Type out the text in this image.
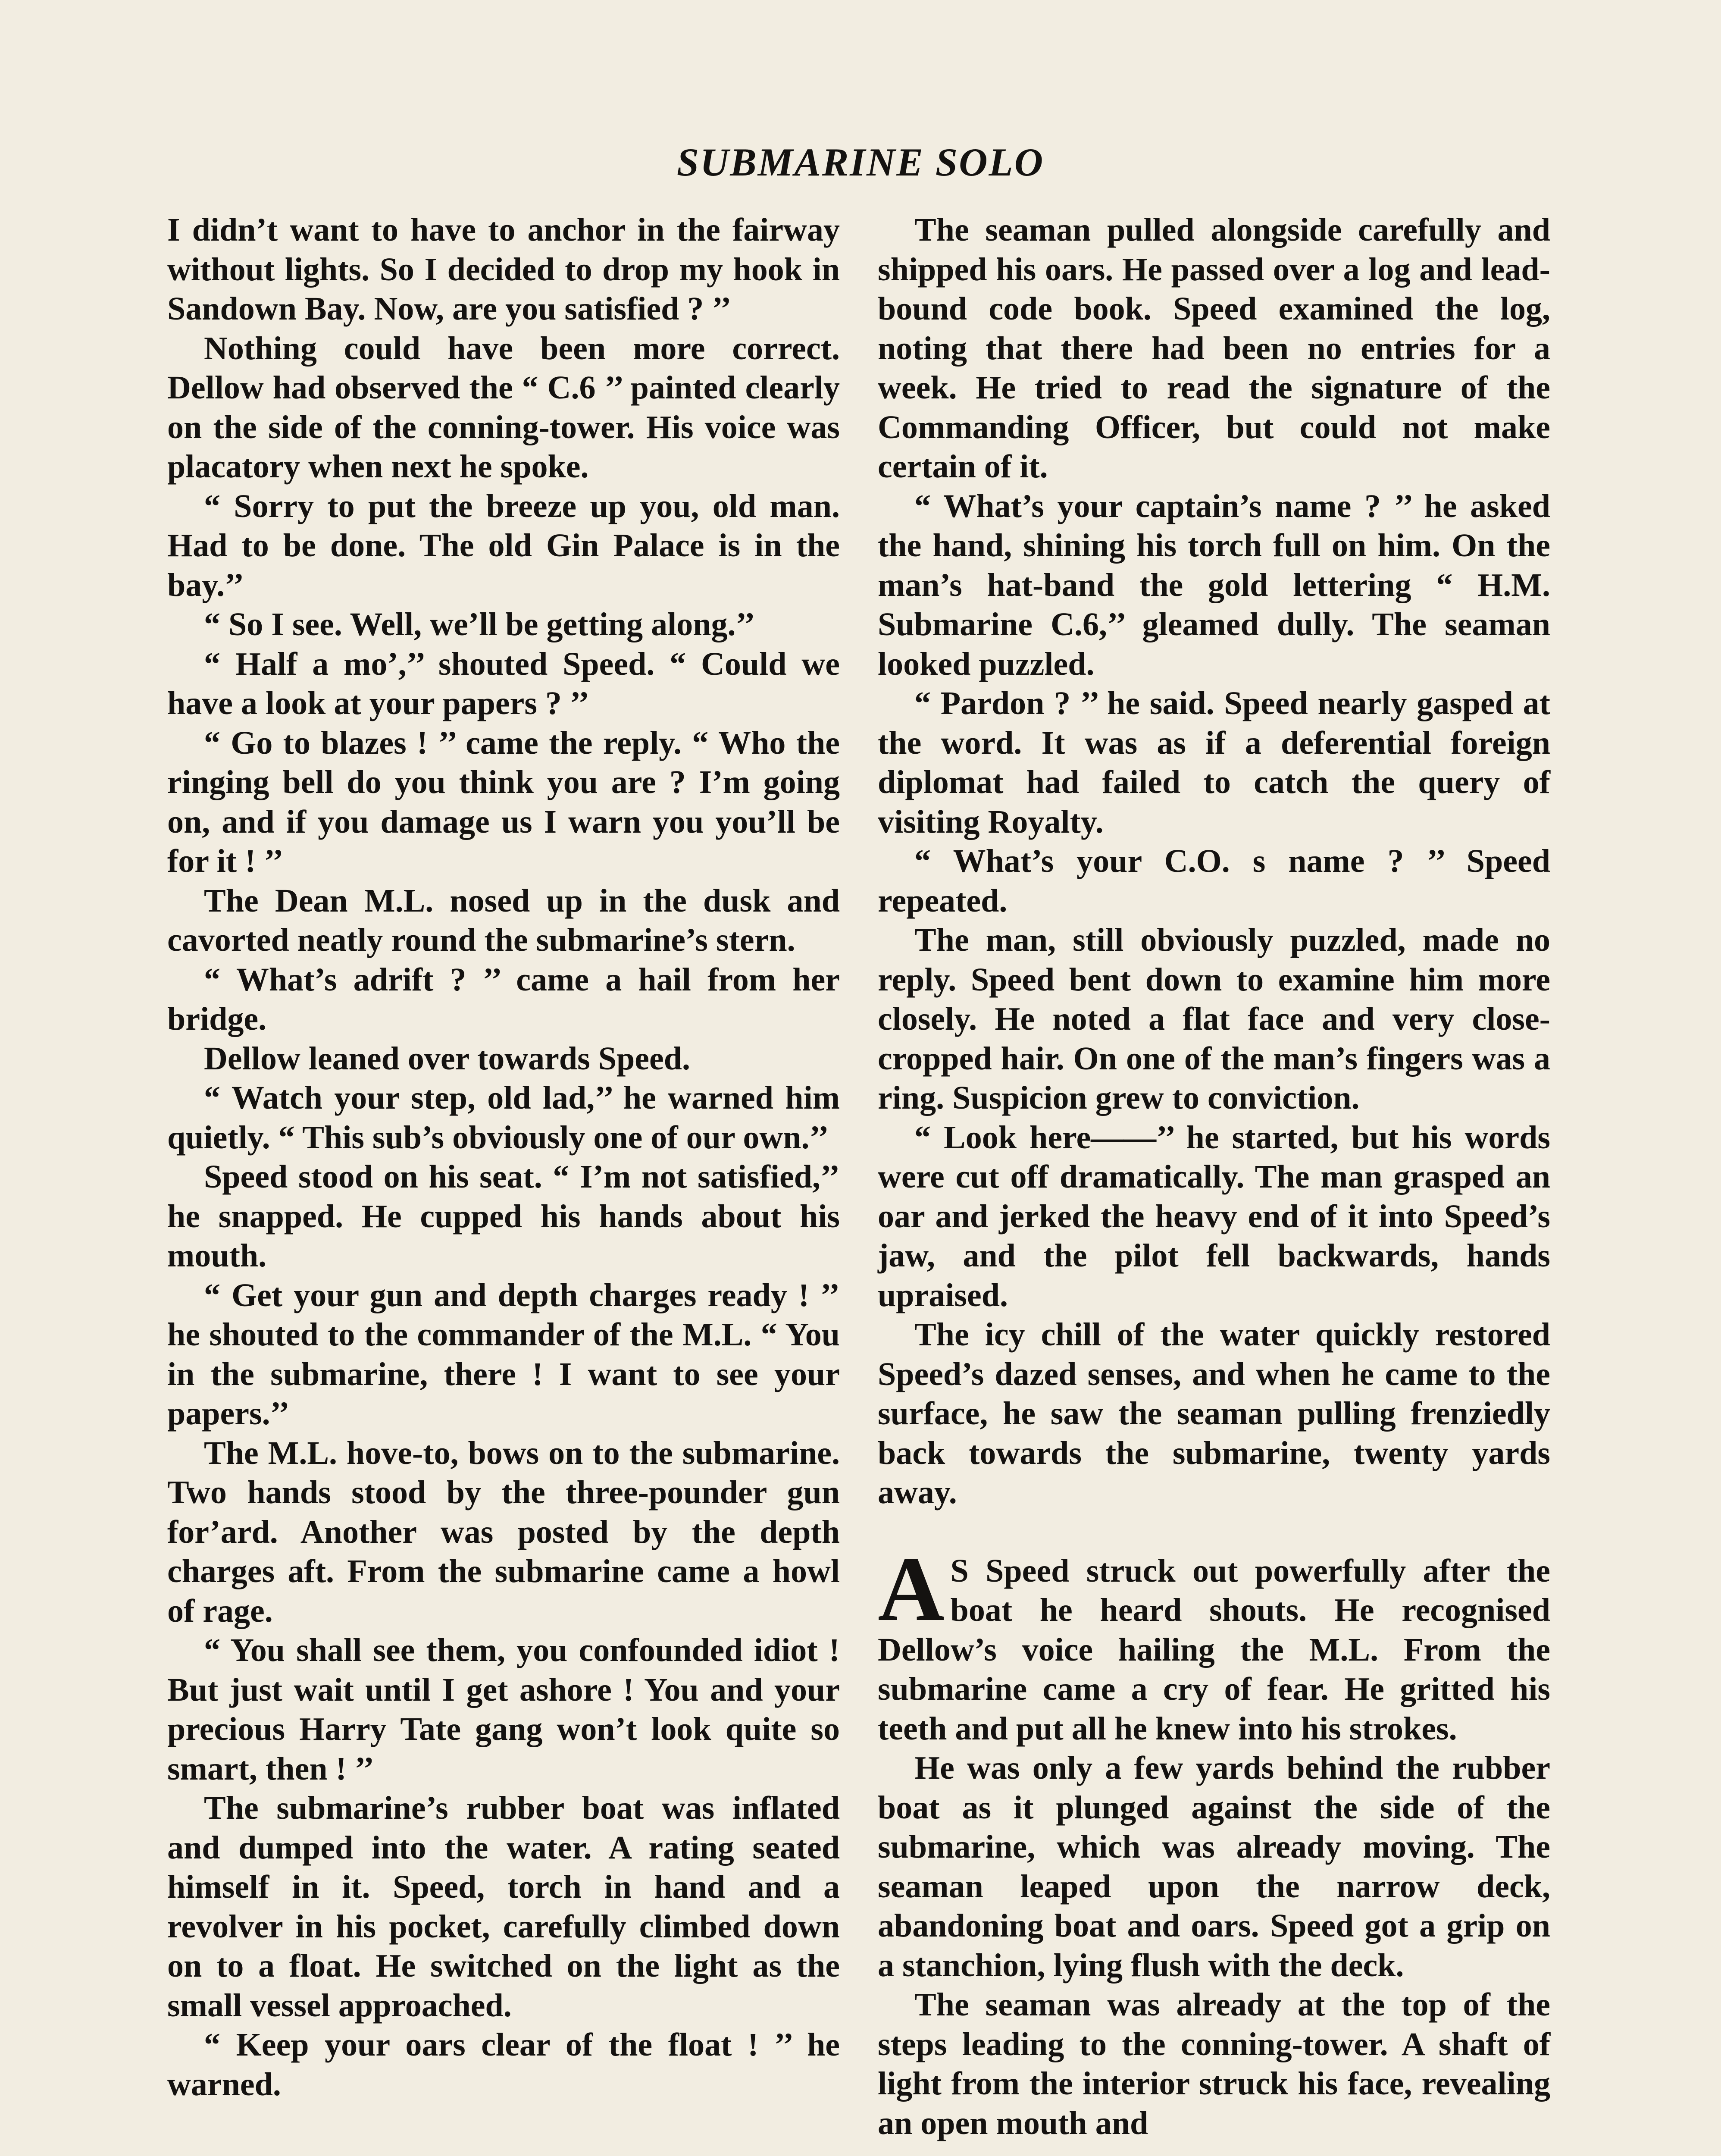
SUBMARINE SOLO

I didn’t want to have to anchor in the fairway without lights. So I decided to drop my hook in Sandown Bay. Now, are you satisfied ? ’’

Nothing could have been more correct. Dellow had observed the “ C.6 ’’ painted clearly on the side of the conning-tower. His voice was placatory when next he spoke.

“ Sorry to put the breeze up you, old man. Had to be done. The old Gin Palace is in the bay.’’

“ So I see. Well, we’ll be getting along.’’

“ Half a mo’,’’ shouted Speed. “ Could we have a look at your papers ? ’’

“ Go to blazes ! ’’ came the reply. “ Who the ringing bell do you think you are ? I’m going on, and if you damage us I warn you you’ll be for it ! ’’

The Dean M.L. nosed up in the dusk and cavorted neatly round the submarine’s stern.

“ What’s adrift ? ’’ came a hail from her bridge.

Dellow leaned over towards Speed.

“ Watch your step, old lad,’’ he warned him quietly. “ This sub’s obviously one of our own.’’

Speed stood on his seat. “ I’m not satisfied,’’ he snapped. He cupped his hands about his mouth.

“ Get your gun and depth charges ready ! ’’ he shouted to the commander of the M.L. “ You in the submarine, there ! I want to see your papers.’’

The M.L. hove-to, bows on to the submarine. Two hands stood by the three-pounder gun for’ard. Another was posted by the depth charges aft. From the submarine came a howl of rage.

“ You shall see them, you confounded idiot ! But just wait until I get ashore ! You and your precious Harry Tate gang won’t look quite so smart, then ! ’’

The submarine’s rubber boat was inflated and dumped into the water. A rating seated himself in it. Speed, torch in hand and a revolver in his pocket, carefully climbed down on to a float. He switched on the light as the small vessel approached.

“ Keep your oars clear of the float ! ’’ he warned.

The seaman pulled alongside carefully and shipped his oars. He passed over a log and lead-bound code book. Speed examined the log, noting that there had been no entries for a week. He tried to read the signature of the Commanding Officer, but could not make certain of it.

“ What’s your captain’s name ? ’’ he asked the hand, shining his torch full on him. On the man’s hat-band the gold lettering “ H.M. Submarine C.6,’’ gleamed dully. The seaman looked puzzled.

“ Pardon ? ’’ he said. Speed nearly gasped at the word. It was as if a deferential foreign diplomat had failed to catch the query of visiting Royalty.

“ What’s your C.O. s name ? ’’ Speed repeated.

The man, still obviously puzzled, made no reply. Speed bent down to examine him more closely. He noted a flat face and very close-cropped hair. On one of the man’s fingers was a ring. Suspicion grew to conviction.

“ Look here——’’ he started, but his words were cut off dramatically. The man grasped an oar and jerked the heavy end of it into Speed’s jaw, and the pilot fell backwards, hands upraised.

The icy chill of the water quickly restored Speed’s dazed senses, and when he came to the surface, he saw the seaman pulling frenziedly back towards the submarine, twenty yards away.

A S Speed struck out powerfully after the boat he heard shouts. He recognised Dellow’s voice hailing the M.L. From the submarine came a cry of fear. He gritted his teeth and put all he knew into his strokes.

He was only a few yards behind the rubber boat as it plunged against the side of the submarine, which was already moving. The seaman leaped upon the narrow deck, abandoning boat and oars. Speed got a grip on a stanchion, lying flush with the deck.

The seaman was already at the top of the steps leading to the conning-tower. A shaft of light from the interior struck his face, revealing an open mouth and
